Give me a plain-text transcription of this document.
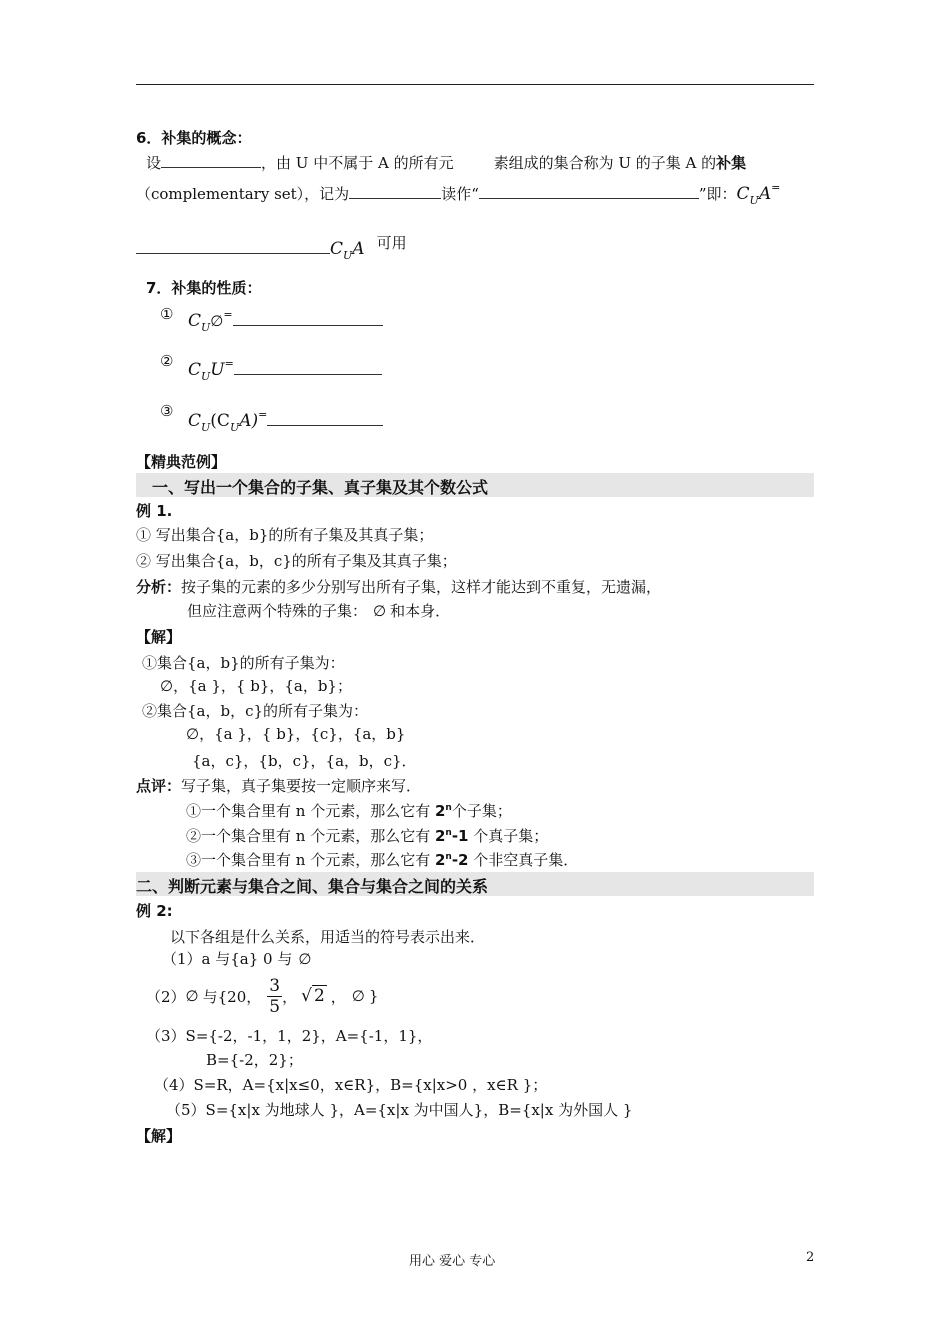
6．补集的概念：
设	，由 U 中不属于 A 的所有元	素组成的集合称为 U 的子集 A 的补集
（complementary set），记为	读作“	”即：$C_UA^=$
$C_UA$ 可用
7．补集的性质：
① $C_U\emptyset^=$
② $C_UU^=$
③ $C_U(C_UA)^=$
【精典范例】
一、写出一个集合的子集、真子集及其个数公式
例 1.
① 写出集合{a，b}的所有子集及其真子集；
② 写出集合{a，b，c}的所有子集及其真子集；
分析：按子集的元素的多少分别写出所有子集，这样才能达到不重复，无遗漏，
但应注意两个特殊的子集： ∅ 和本身．
【解】
①集合{a，b}的所有子集为：
∅，{a }，{ b}，{a，b}；
②集合{a，b，c}的所有子集为：
∅，{a }，{ b}，{c}，{a，b}
{a，c}，{b，c}，{a，b，c}．
点评：写子集，真子集要按一定顺序来写．
①一个集合里有 n 个元素，那么它有 2$^n$个子集；
②一个集合里有 n 个元素，那么它有 2$^n$-1 个真子集；
③一个集合里有 n 个元素，那么它有 2$^n$-2 个非空真子集．
二、判断元素与集合之间、集合与集合之间的关系
例 2:
以下各组是什么关系，用适当的符号表示出来．
（1）a 与{a} 0 与 ∅
（2） ∅ 与{20， $\frac{3}{5}$ ， √ 2 ， ∅ }
（3）S={-2，-1，1，2}，A={-1，1}，
B={-2，2}；
（4）S=R，A={x|x≤0，x∈R}，B={x|x>0 ，x∈R }；
（5）S={x|x 为地球人 }，A={x|x 为中国人}，B={x|x 为外国人 }
【解】
用心 爱心 专心	2
